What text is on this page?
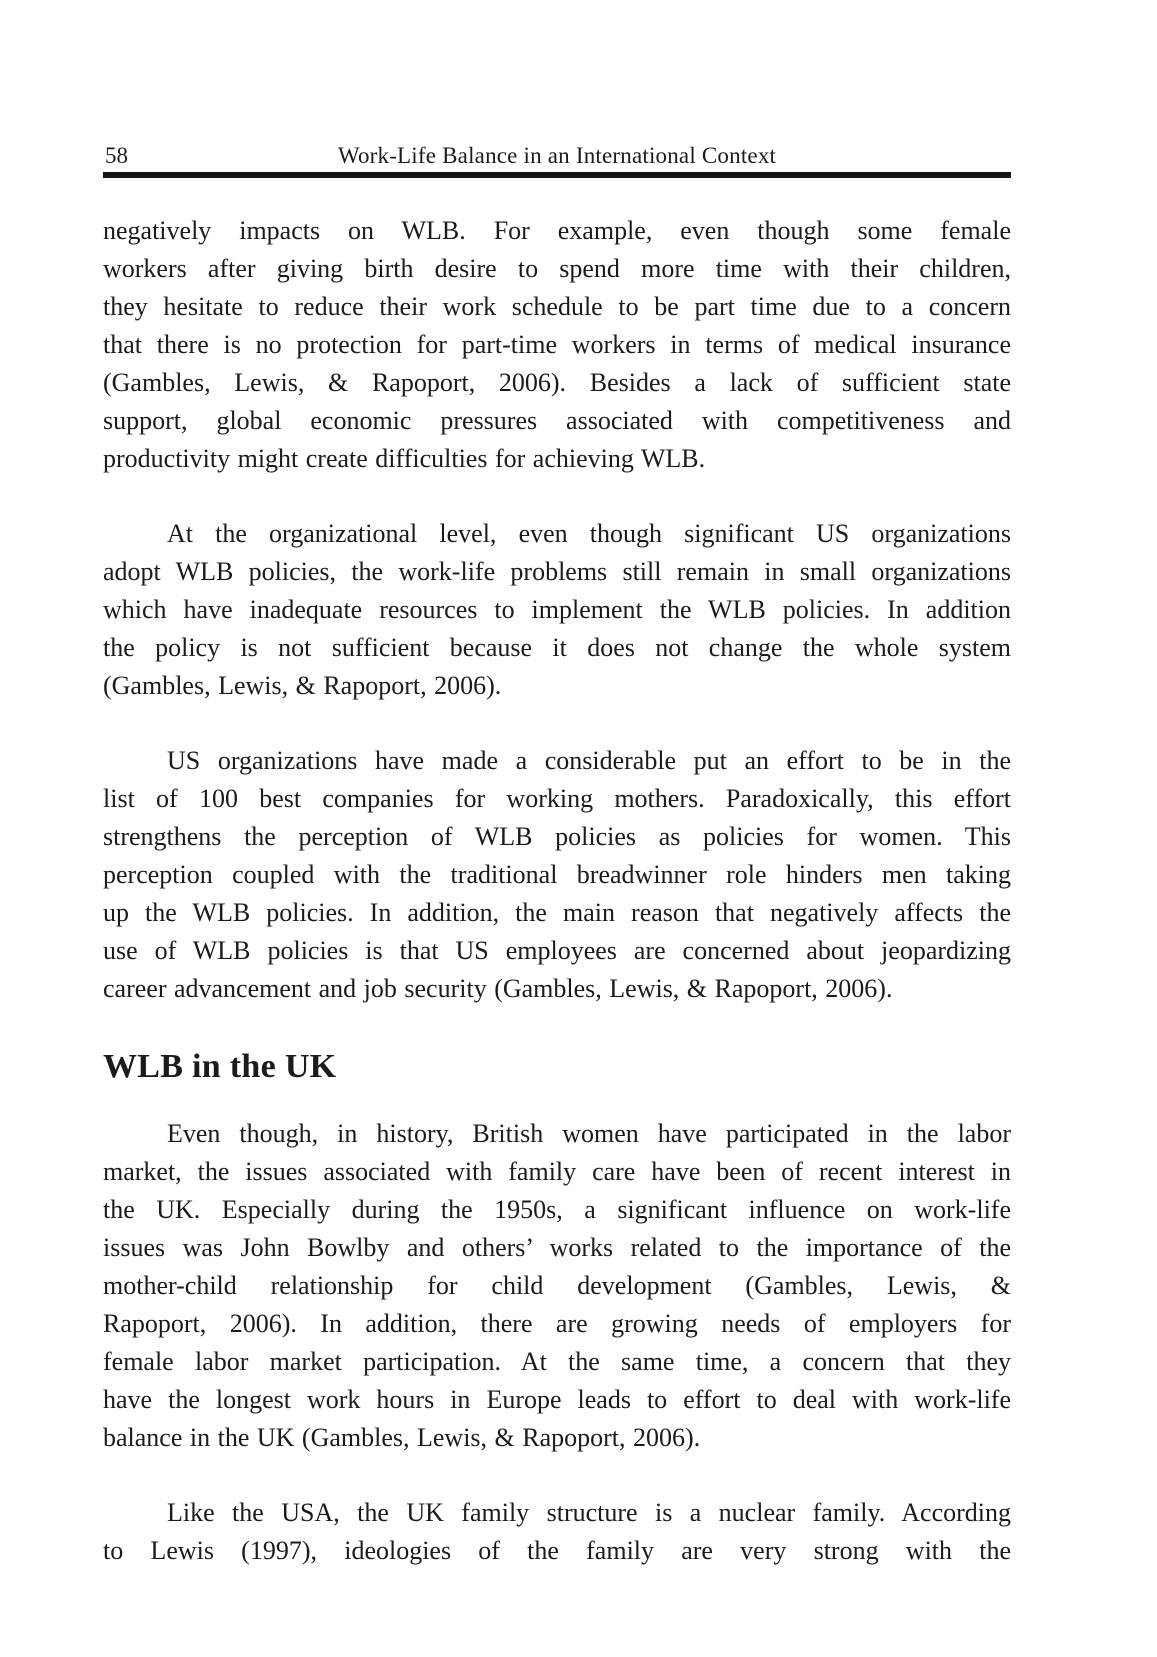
58	Work-Life Balance in an International Context
negatively impacts on WLB. For example, even though some female
workers after giving birth desire to spend more time with their children,
they hesitate to reduce their work schedule to be part time due to a concern
that there is no protection for part-time workers in terms of medical insurance
(Gambles, Lewis, & Rapoport, 2006). Besides a lack of sufficient state
support, global economic pressures associated with competitiveness and
productivity might create difficulties for achieving WLB.
At the organizational level, even though significant US organizations
adopt WLB policies, the work-life problems still remain in small organizations
which have inadequate resources to implement the WLB policies. In addition
the policy is not sufficient because it does not change the whole system
(Gambles, Lewis, & Rapoport, 2006).
US organizations have made a considerable put an effort to be in the
list of 100 best companies for working mothers. Paradoxically, this effort
strengthens the perception of WLB policies as policies for women. This
perception coupled with the traditional breadwinner role hinders men taking
up the WLB policies. In addition, the main reason that negatively affects the
use of WLB policies is that US employees are concerned about jeopardizing
career advancement and job security (Gambles, Lewis, & Rapoport, 2006).
WLB in the UK
Even though, in history, British women have participated in the labor
market, the issues associated with family care have been of recent interest in
the UK. Especially during the 1950s, a significant influence on work-life
issues was John Bowlby and others’ works related to the importance of the
mother-child relationship for child development (Gambles, Lewis, &
Rapoport, 2006). In addition, there are growing needs of employers for
female labor market participation. At the same time, a concern that they
have the longest work hours in Europe leads to effort to deal with work-life
balance in the UK (Gambles, Lewis, & Rapoport, 2006).
Like the USA, the UK family structure is a nuclear family. According
to Lewis (1997), ideologies of the family are very strong with the
